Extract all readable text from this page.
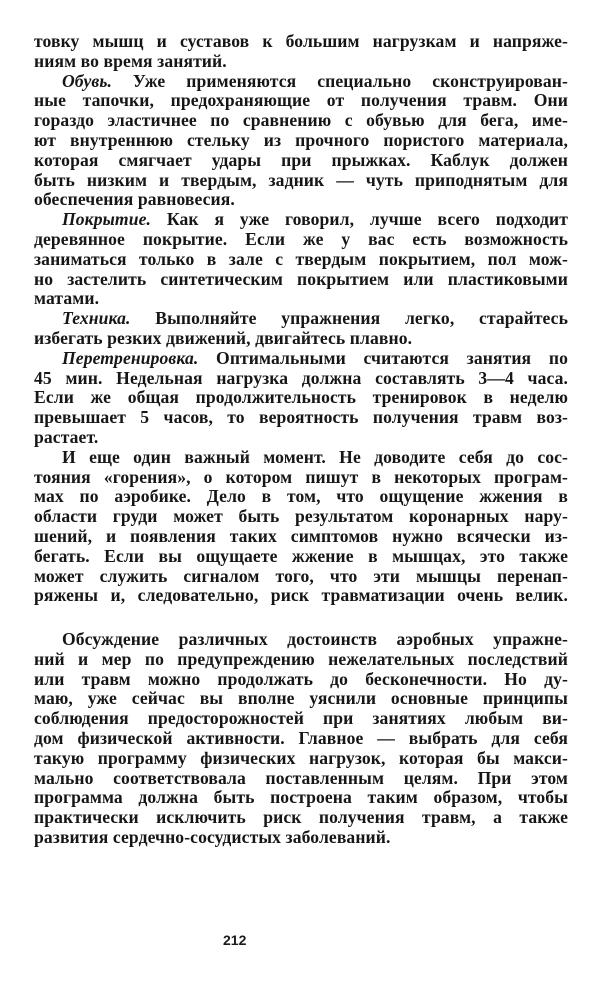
товку мышц и суставов к большим нагрузкам и напряже-
ниям во время занятий.
Обувь. Уже применяются специально сконструирован-
ные тапочки, предохраняющие от получения травм. Они
гораздо эластичнее по сравнению с обувью для бега, име-
ют внутреннюю стельку из прочного пористого материала,
которая смягчает удары при прыжках. Каблук должен
быть низким и твердым, задник — чуть приподнятым для
обеспечения равновесия.
Покрытие. Как я уже говорил, лучше всего подходит
деревянное покрытие. Если же у вас есть возможность
заниматься только в зале с твердым покрытием, пол мож-
но застелить синтетическим покрытием или пластиковыми
матами.
Техника. Выполняйте упражнения легко, старайтесь
избегать резких движений, двигайтесь плавно.
Перетренировка. Оптимальными считаются занятия по
45 мин. Недельная нагрузка должна составлять 3—4 часа.
Если же общая продолжительность тренировок в неделю
превышает 5 часов, то вероятность получения травм воз-
растает.
И еще один важный момент. Не доводите себя до сос-
тояния «горения», о котором пишут в некоторых програм-
мах по аэробике. Дело в том, что ощущение жжения в
области груди может быть результатом коронарных нару-
шений, и появления таких симптомов нужно всячески из-
бегать. Если вы ощущаете жжение в мышцах, это также
может служить сигналом того, что эти мышцы перенап-
ряжены и, следовательно, риск травматизации очень велик.
Обсуждение различных достоинств аэробных упражне-
ний и мер по предупреждению нежелательных последствий
или травм можно продолжать до бесконечности. Но ду-
маю, уже сейчас вы вполне уяснили основные принципы
соблюдения предосторожностей при занятиях любым ви-
дом физической активности. Главное — выбрать для себя
такую программу физических нагрузок, которая бы макси-
мально соответствовала поставленным целям. При этом
программа должна быть построена таким образом, чтобы
практически исключить риск получения травм, а также
развития сердечно-сосудистых заболеваний.
212
